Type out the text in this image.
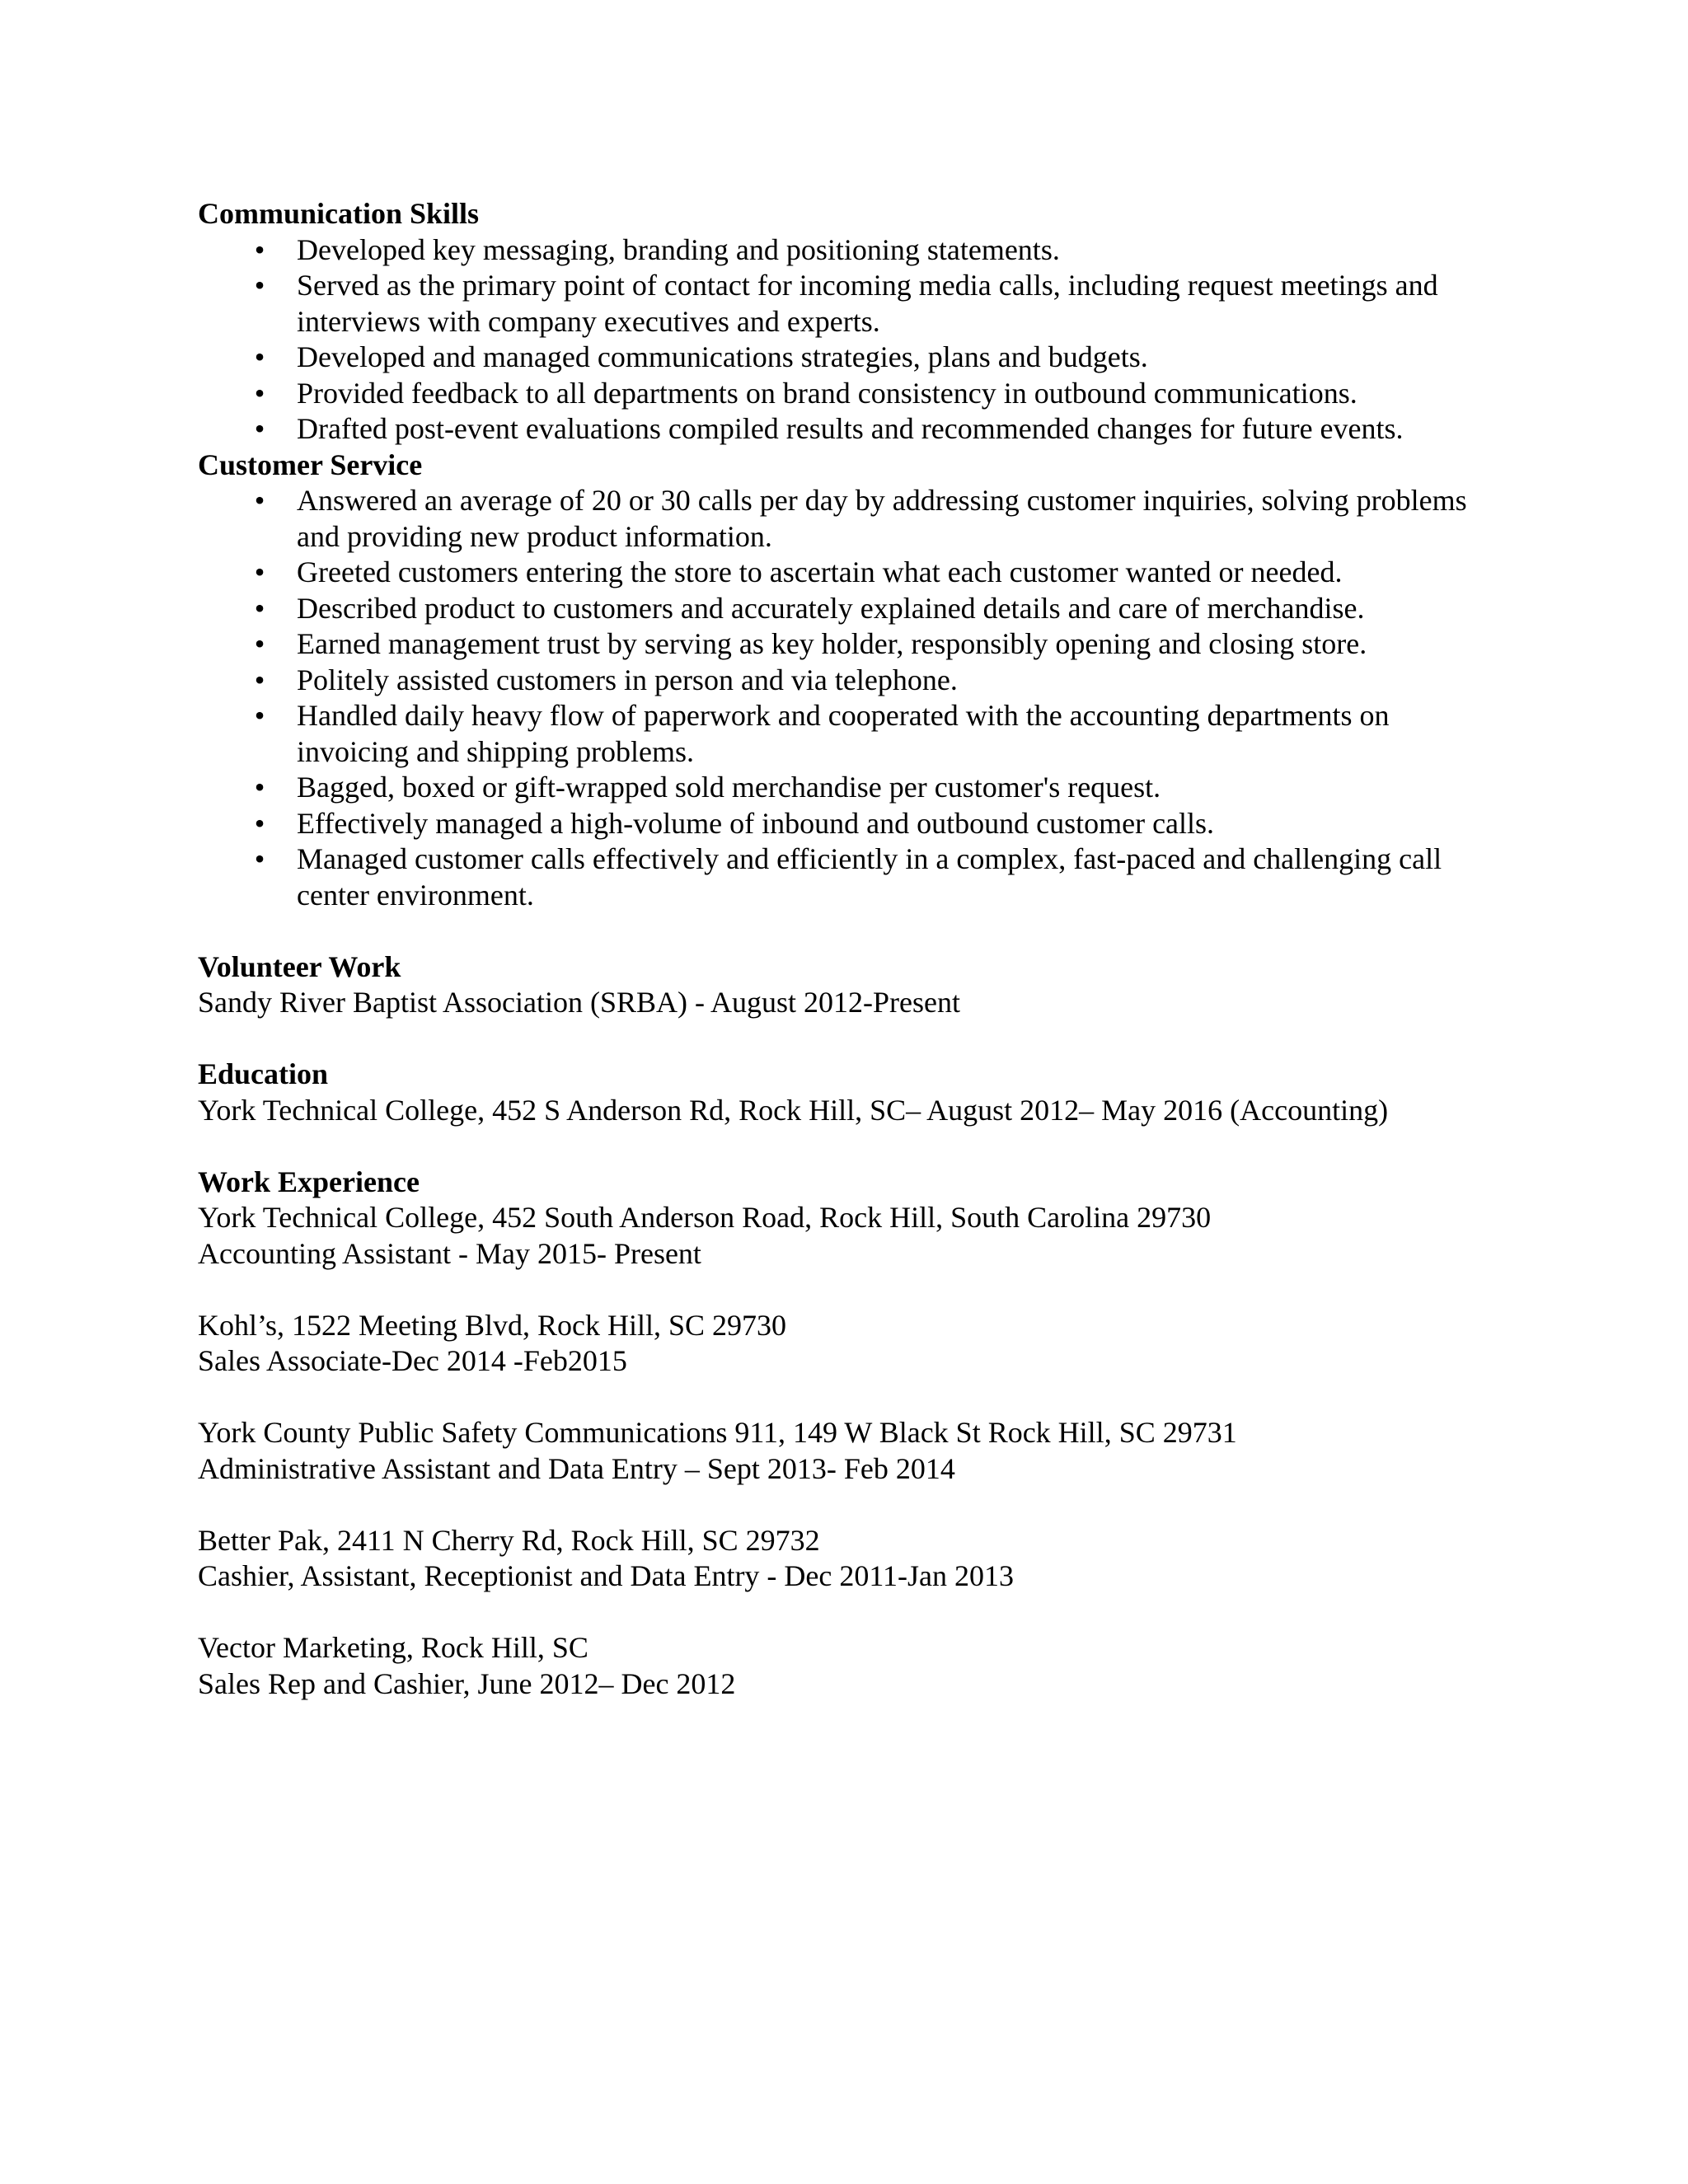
Communication Skills
• Developed key messaging, branding and positioning statements.
• Served as the primary point of contact for incoming media calls, including request meetings and interviews with company executives and experts.
• Developed and managed communications strategies, plans and budgets.
• Provided feedback to all departments on brand consistency in outbound communications.
• Drafted post-event evaluations compiled results and recommended changes for future events.
Customer Service
• Answered an average of 20 or 30 calls per day by addressing customer inquiries, solving problems and providing new product information.
• Greeted customers entering the store to ascertain what each customer wanted or needed.
• Described product to customers and accurately explained details and care of merchandise.
• Earned management trust by serving as key holder, responsibly opening and closing store.
• Politely assisted customers in person and via telephone.
• Handled daily heavy flow of paperwork and cooperated with the accounting departments on invoicing and shipping problems.
• Bagged, boxed or gift-wrapped sold merchandise per customer's request.
• Effectively managed a high-volume of inbound and outbound customer calls.
• Managed customer calls effectively and efficiently in a complex, fast-paced and challenging call center environment.
Volunteer Work
Sandy River Baptist Association (SRBA) - August 2012-Present
Education
York Technical College, 452 S Anderson Rd, Rock Hill, SC– August 2012– May 2016 (Accounting)
Work Experience
York Technical College, 452 South Anderson Road, Rock Hill, South Carolina 29730
Accounting Assistant - May 2015- Present
Kohl’s, 1522 Meeting Blvd, Rock Hill, SC 29730
Sales Associate-Dec 2014 -Feb2015
York County Public Safety Communications 911, 149 W Black St Rock Hill, SC 29731
Administrative Assistant and Data Entry – Sept 2013- Feb 2014
Better Pak, 2411 N Cherry Rd, Rock Hill, SC 29732
Cashier, Assistant, Receptionist and Data Entry - Dec 2011-Jan 2013
Vector Marketing, Rock Hill, SC
Sales Rep and Cashier, June 2012– Dec 2012
